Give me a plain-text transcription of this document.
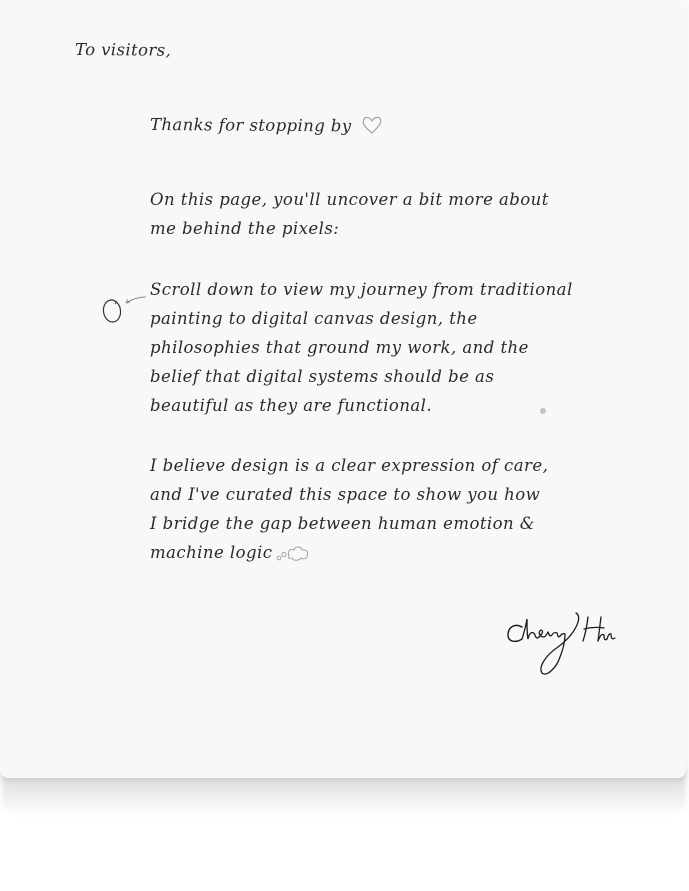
To visitors,
Thanks for stopping by
On this page, you'll uncover a bit more about
me behind the pixels:
Scroll down to view my journey from traditional
painting to digital canvas design, the
philosophies that ground my work, and the
belief that digital systems should be as
beautiful as they are functional.
I believe design is a clear expression of care,
and I've curated this space to show you how
I bridge the gap between human emotion &
machine logic
